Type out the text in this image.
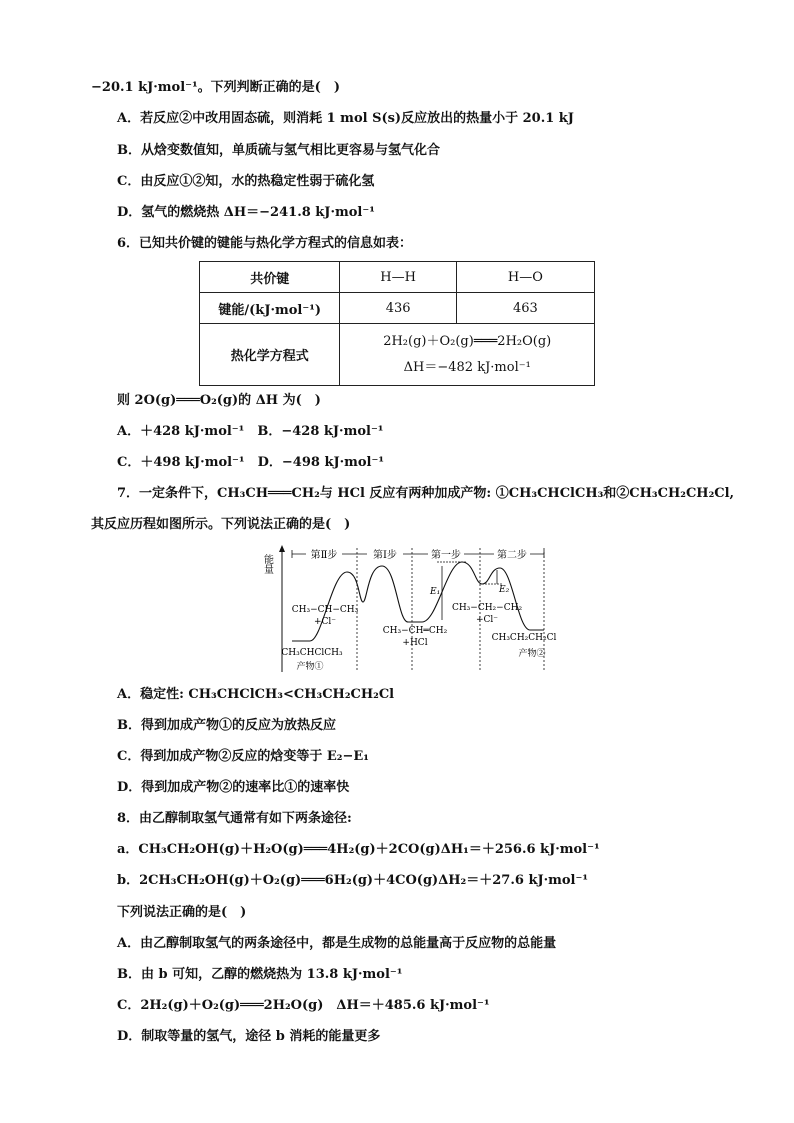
−20.1 kJ·mol⁻¹。下列判断正确的是(　)
A．若反应②中改用固态硫，则消耗 1 mol S(s)反应放出的热量小于 20.1 kJ
B．从焓变数值知，单质硫与氢气相比更容易与氢气化合
C．由反应①②知，水的热稳定性弱于硫化氢
D．氢气的燃烧热 ΔH＝−241.8 kJ·mol⁻¹
6．已知共价键的键能与热化学方程式的信息如表：
共价键	H—H	H—O
键能/(kJ·mol⁻¹)	436	463
热化学方程式	2H₂(g)＋O₂(g)═══2H₂O(g)
ΔH＝−482 kJ·mol⁻¹	
则 2O(g)═══O₂(g)的 ΔH 为(　)
A．＋428 kJ·mol⁻¹　B．−428 kJ·mol⁻¹
C．＋498 kJ·mol⁻¹　D．−498 kJ·mol⁻¹
7．一定条件下，CH₃CH═══CH₂与 HCl 反应有两种加成产物: ①CH₃CHClCH₃和②CH₃CH₂CH₂Cl,
其反应历程如图所示。下列说法正确的是(　)
能量	第Ⅱ步	第Ⅰ步	第一步	第二步
E₁	E₂
CH₃−CH−CH₃
+Cl⁻
CH₃−CH═CH₂
+HCl
CH₃−CH₂−CH₂
+Cl⁻
CH₃CHClCH₃
产物①
CH₃CH₂CH₂Cl
产物②
A．稳定性: CH₃CHClCH₃<CH₃CH₂CH₂Cl
B．得到加成产物①的反应为放热反应
C．得到加成产物②反应的焓变等于 E₂−E₁
D．得到加成产物②的速率比①的速率快
8．由乙醇制取氢气通常有如下两条途径:
a．CH₃CH₂OH(g)＋H₂O(g)═══4H₂(g)＋2CO(g)ΔH₁＝＋256.6 kJ·mol⁻¹
b．2CH₃CH₂OH(g)＋O₂(g)═══6H₂(g)＋4CO(g)ΔH₂＝＋27.6 kJ·mol⁻¹
下列说法正确的是(　)
A．由乙醇制取氢气的两条途径中，都是生成物的总能量高于反应物的总能量
B．由 b 可知，乙醇的燃烧热为 13.8 kJ·mol⁻¹
C．2H₂(g)＋O₂(g)═══2H₂O(g)　ΔH＝＋485.6 kJ·mol⁻¹
D．制取等量的氢气，途径 b 消耗的能量更多
